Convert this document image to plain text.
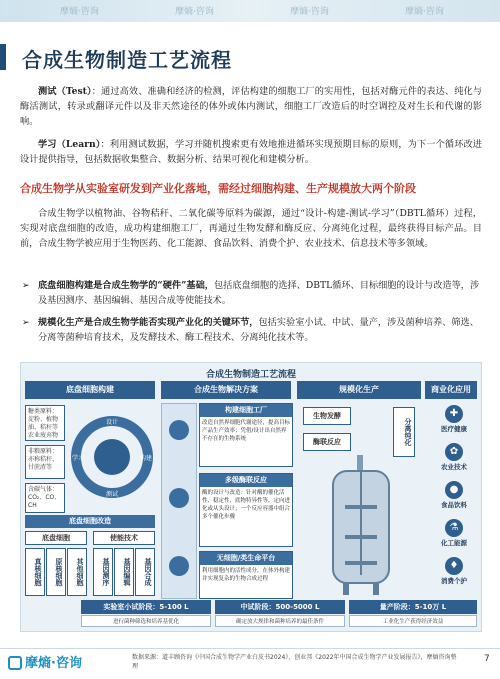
摩熵·咨询	摩熵·咨询	摩熵·咨询	摩熵·咨询
合成生物制造工艺流程
测试（Test）：通过高效、准确和经济的检测，评估构建的细胞工厂的实用性，包括对酶元件的表达、纯化与酶活测试，转录或翻译元件以及非天然途径的体外或体内测试，细胞工厂改造后的时空调控及对生长和代谢的影响。
学习（Learn）：利用测试数据，学习并随机搜索更有效地推进循环实现预期目标的原则，为下一个循环改进设计提供指导，包括数据收集整合、数据分析、结果可视化和建模分析。
合成生物学从实验室研发到产业化落地，需经过细胞构建、生产规模放大两个阶段
合成生物学以植物油、谷物秸秆、二氧化碳等原料为碳源，通过“设计-构建-测试-学习”（DBTL循环）过程，实现对底盘细胞的改造，成功构建细胞工厂，再通过生物发酵和酶反应、分离纯化过程，最终获得目标产品。目前，合成生物学被应用于生物医药、化工能源、食品饮料、消费个护、农业技术、信息技术等多领域。
➢ 底盘细胞构建是合成生物学的“硬件”基础，包括底盘细胞的选择、DBTL循环、目标细胞的设计与改造等，涉及基因测序、基因编辑、基因合成等使能技术。
➢ 规模化生产是合成生物学能否实现产业化的关键环节，包括实验室小试、中试、量产，涉及菌种培养、筛选、分离等菌种培育技术，及发酵技术、酶工程技术、分离纯化技术等。
合成生物制造工艺流程
底盘细胞构建	合成生物解决方案	规模化生产	商业化应用
糖类原料：淀粉、植物油、秸秆等农业废弃物
非粮原料：亦称秸秆、甘蔗渣等
含碳气体：CO₂、CO、CH
设计
构建
测试
学习
底盘细胞改造
底盘细胞	使能技术
真核细胞	原核细胞	其他细胞	基因测序	基因编辑	基因合成
构建细胞工厂
改造自然界细胞代谢途径，提高目标产品生产效率；凭借/设计出自然界不存在的生物系统
多级酶联反应
酶的设计与改造：针对酶的催化活性、稳定性、底物特异性等，定向进化或从头设计；一个反应容器中组合多个催化步骤
无细胞/类生命平台
利用细胞内的活性成分，在体外构建并实现复杂的生物合成过程
生物发酵
酶联反应	分离纯化
✚
医疗健康
✿
农业技术
●
食品饮料
⚗
化工能源
♦
消费个护
实验室小试阶段：5-100 L
进行菌种筛选和培养基优化
中试阶段：500-5000 L
确定放大规律和菌种培养的最佳条件
量产阶段：5-10万 L
工业化生产获得经济效益
摩熵·咨询	数据来源：道丰顾咨询《中国合成生物学产业白皮书2024》，创业邦《2022年中国合成生物学产业发展报告》，摩熵咨询整理
7
